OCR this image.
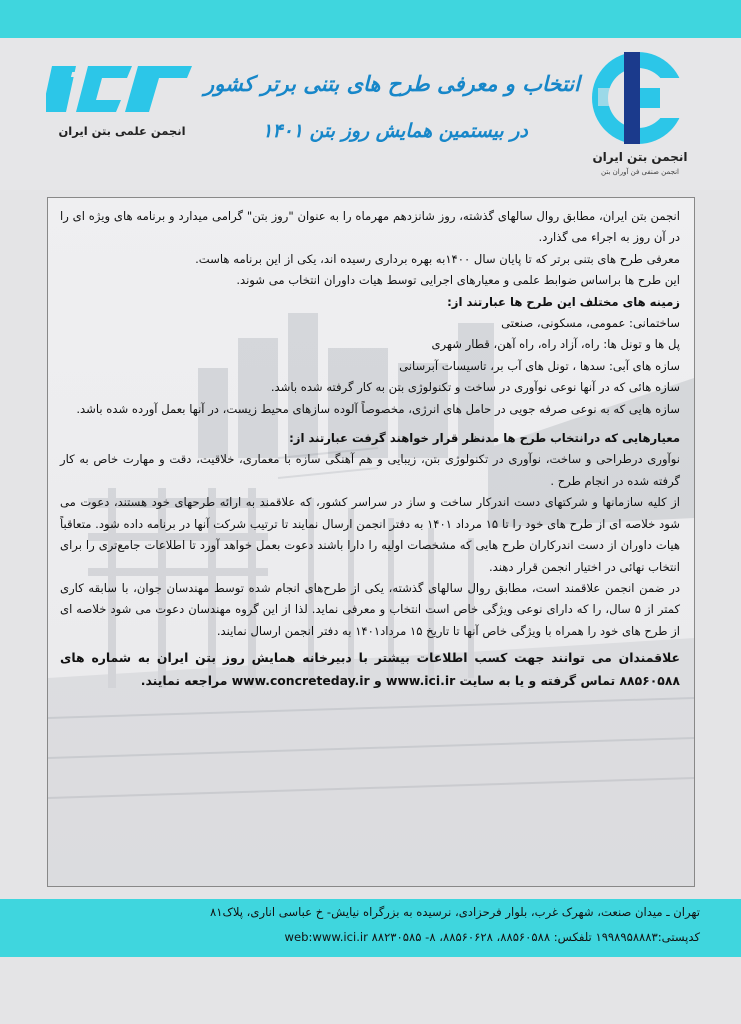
انجمن علمی بتن ایران
انتخاب و معرفی طرح های بتنی برتر کشور
در بیستمین همایش روز بتن ۱۴۰۱
انجمن بتن ایران
انجمن صنفی فن آوران بتن

انجمن بتن ایران، مطابق روال سالهای گذشته، روز شانزدهم مهرماه را به عنوان "روز بتن" گرامی میدارد و برنامه های ویژه ای را در آن روز به اجراء می گذارد.

معرفی طرح های بتنی برتر که تا پایان سال ۱۴۰۰به بهره برداری رسیده اند، یکی از این برنامه هاست.

این طرح ها براساس ضوابط علمی و معیارهای اجرایی توسط هیات داوران انتخاب می شوند.

زمینه های مختلف این طرح ها عبارتند از:

ساختمانی: عمومی، مسکونی، صنعتی

پل ها و تونل ها: راه، آزاد راه، راه آهن، قطار شهری

سازه های آبی: سدها ، تونل های آب بر، تاسیسات آبرسانی

سازه هائی که در آنها نوعی نوآوری در ساخت و تکنولوژی بتن به کار گرفته شده باشد.

سازه هایی که به نوعی صرفه جویی در حامل های انرژی، مخصوصاً آلوده سازهای محیط زیست، در آنها بعمل آورده شده باشد.

معیارهایی که درانتخاب طرح ها مدنظر قرار خواهند گرفت عبارتند از:

نوآوری درطراحی و ساخت، نوآوری در تکنولوژی بتن، زیبایی و هم آهنگی سازه با معماری، خلاقیت، دقت و مهارت خاص به کار گرفته شده در انجام طرح .

از کلیه سازمانها و شرکتهای دست اندرکار ساخت و ساز در سراسر کشور، که علاقمند به ارائه طرحهای خود هستند، دعوت می شود خلاصه ای از طرح های خود را تا ۱۵ مرداد ۱۴۰۱ به دفتر انجمن ارسال نمایند تا ترتیب شرکت آنها در برنامه داده شود. متعاقباً هیات داوران از دست اندرکاران طرح هایی که مشخصات اولیه را دارا باشند دعوت بعمل خواهد آورد تا اطلاعات جامع‌تری را برای انتخاب نهائی در اختیار انجمن قرار دهند.

در ضمن انجمن علاقمند است، مطابق روال سالهای گذشته، یکی از طرح‌های انجام شده توسط مهندسان جوان، با سابقه کاری کمتر از ۵ سال، را که دارای نوعی ویژگی خاص است انتخاب و معرفی نماید. لذا از این گروه مهندسان دعوت می شود خلاصه ای از طرح های خود را همراه با ویژگی خاص آنها تا تاریخ ۱۵ مرداد۱۴۰۱ به دفتر انجمن ارسال نمایند.

علاقمندان می توانند جهت کسب اطلاعات بیشتر با دبیرخانه همایش روز بتن ایران به شماره های ۸۸۵۶۰۵۸۸ تماس گرفته و یا به سایت www.ici.ir و www.concreteday.ir مراجعه نمایند.

تهران ـ میدان صنعت، شهرک غرب، بلوار فرحزادی، نرسیده به بزرگراه نیایش- خ عباسی اناری، پلاک۸۱
کدپستی:۱۹۹۸۹۵۸۸۸۳ تلفکس: ۸۸۵۶۰۵۸۸، ۸۸۵۶۰۶۲۸، ۸- ۸۸۲۳۰۵۸۵ web:www.ici.ir
